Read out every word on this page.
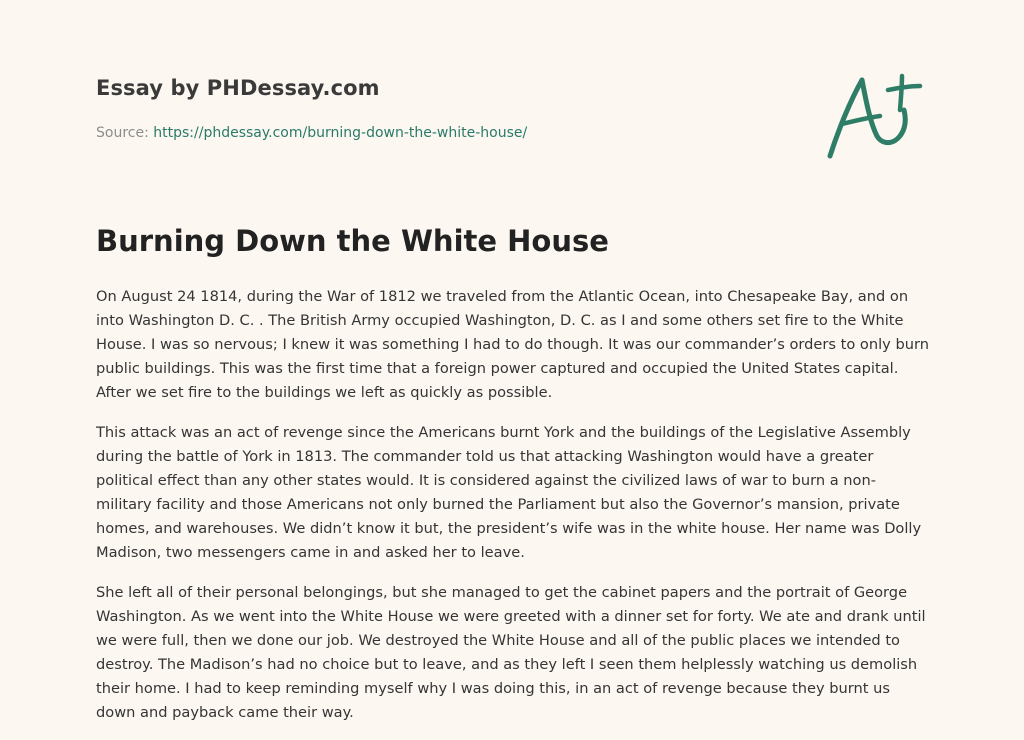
Essay by PHDessay.com
Source: https://phdessay.com/burning-down-the-white-house/
Burning Down the White House

On August 24 1814, during the War of 1812 we traveled from the Atlantic Ocean, into Chesapeake Bay, and on into Washington D. C. . The British Army occupied Washington, D. C. as I and some others set fire to the White House. I was so nervous; I knew it was something I had to do though. It was our commander’s orders to only burn public buildings. This was the first time that a foreign power captured and occupied the United States capital. After we set fire to the buildings we left as quickly as possible.

This attack was an act of revenge since the Americans burnt York and the buildings of the Legislative Assembly during the battle of York in 1813. The commander told us that attacking Washington would have a greater political effect than any other states would. It is considered against the civilized laws of war to burn a non-military facility and those Americans not only burned the Parliament but also the Governor’s mansion, private homes, and warehouses. We didn’t know it but, the president’s wife was in the white house. Her name was Dolly Madison, two messengers came in and asked her to leave.

She left all of their personal belongings, but she managed to get the cabinet papers and the portrait of George Washington. As we went into the White House we were greeted with a dinner set for forty. We ate and drank until we were full, then we done our job. We destroyed the White House and all of the public places we intended to destroy. The Madison’s had no choice but to leave, and as they left I seen them helplessly watching us demolish their home. I had to keep reminding myself why I was doing this, in an act of revenge because they burnt us down and payback came their way.
